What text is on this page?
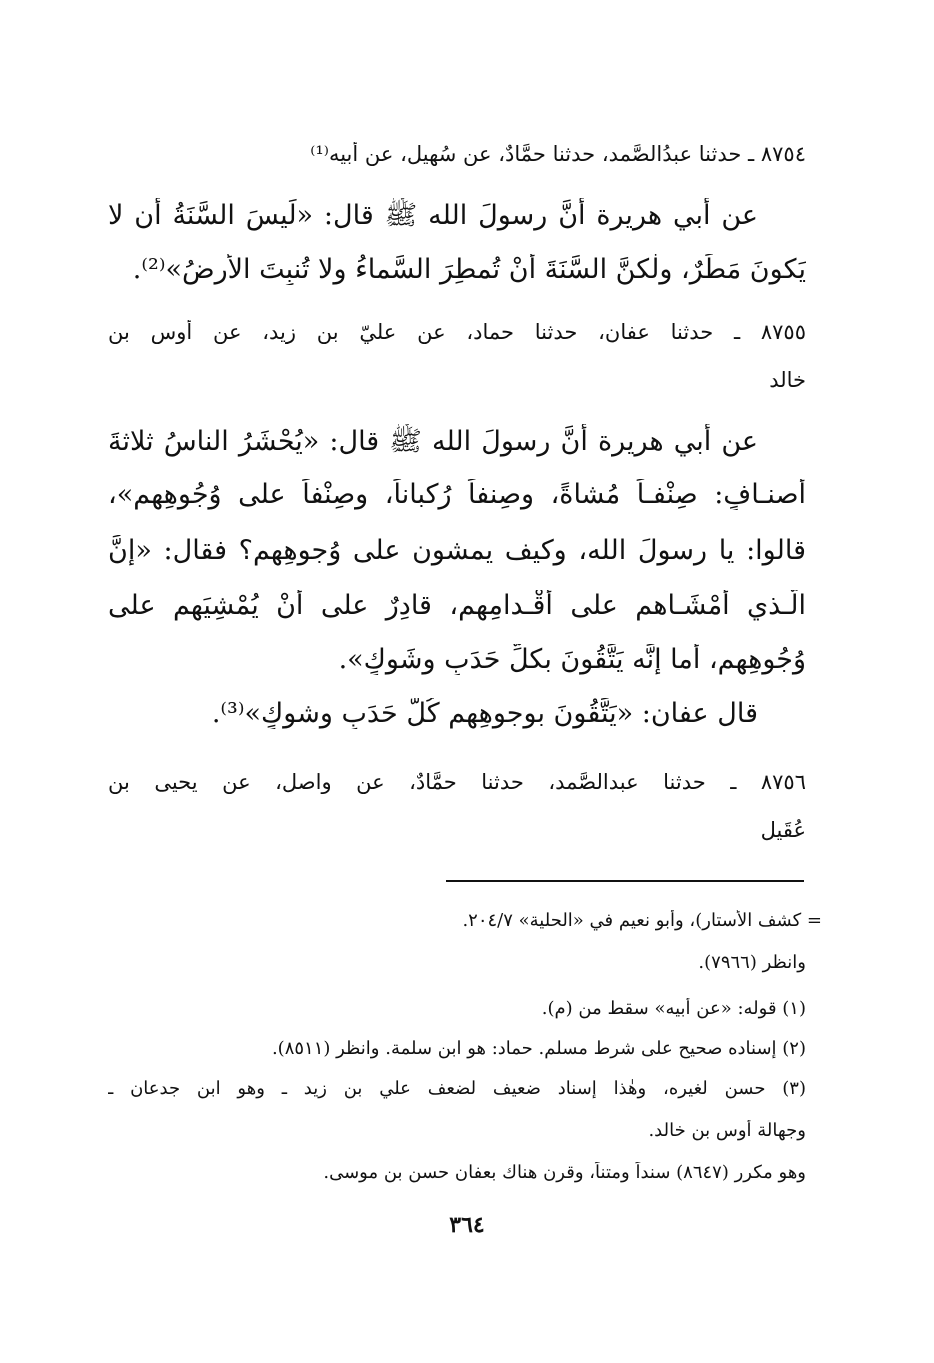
٨٧٥٤ ـ حدثنا عبدُالصَّمد، حدثنا حمَّادٌ، عن سُهيل، عن أبيه⁽¹⁾
عن أبي هريرة أنَّ رسولَ الله ﷺ قال: «لَيسَ السَّنَةُ أن لا
يَكونَ مَطَرٌ، ولٰكنَّ السَّنَةَ أنْ تُمطِرَ السَّماءُ ولا تُنبِتَ الأَرضُ»⁽²⁾.
٨٧٥٥ ـ حدثنا عفان، حدثنا حماد، عن عليّ بن زيد، عن أوس بن
خالد
عن أبي هريرة أنَّ رسولَ الله ﷺ قال: «يُحْشَرُ الناسُ ثلاثةَ
أَصنـافٍ: صِنْفـاً مُشاةً، وصِنفاً رُكباناً، وصِنْفاً على وُجُوهِهِم»،
قالوا: يا رسولَ الله، وكيف يمشون على وُجوهِهم؟ فقال: «إنَّ
الَّـذي أَمْشَـاهم على أَقْـدامِهم، قادِرٌ على أنْ يُمْشِيَهم على
وُجُوهِهِم، أما إنَّه يَتَّقُونَ بكلِّ حَدَبٍ وشَوكٍ».
قال عفان: «يَتَّقُونَ بوجوهِهم كُلَّ حَدَبٍ وشوكٍ»⁽³⁾.
٨٧٥٦ ـ حدثنا عبدالصَّمد، حدثنا حمَّادٌ، عن واصل، عن يحيى بن
عُقَيل
= كشف الأستار)، وأبو نعيم في «الحلية» ٢٠٤/٧.
وانظر (٧٩٦٦).
(١) قوله: «عن أبيه» سقط من (م).
(٢) إسناده صحيح على شرط مسلم. حماد: هو ابن سلمة. وانظر (٨٥١١).
(٣) حسن لغيره، وهٰذا إسناد ضعيف لضعف علي بن زيد ـ وهو ابن جدعان ـ
وجهالة أوس بن خالد.
وهو مكرر (٨٦٤٧) سنداً ومتناً، وقرن هناك بعفان حسن بن موسى.
٣٦٤
